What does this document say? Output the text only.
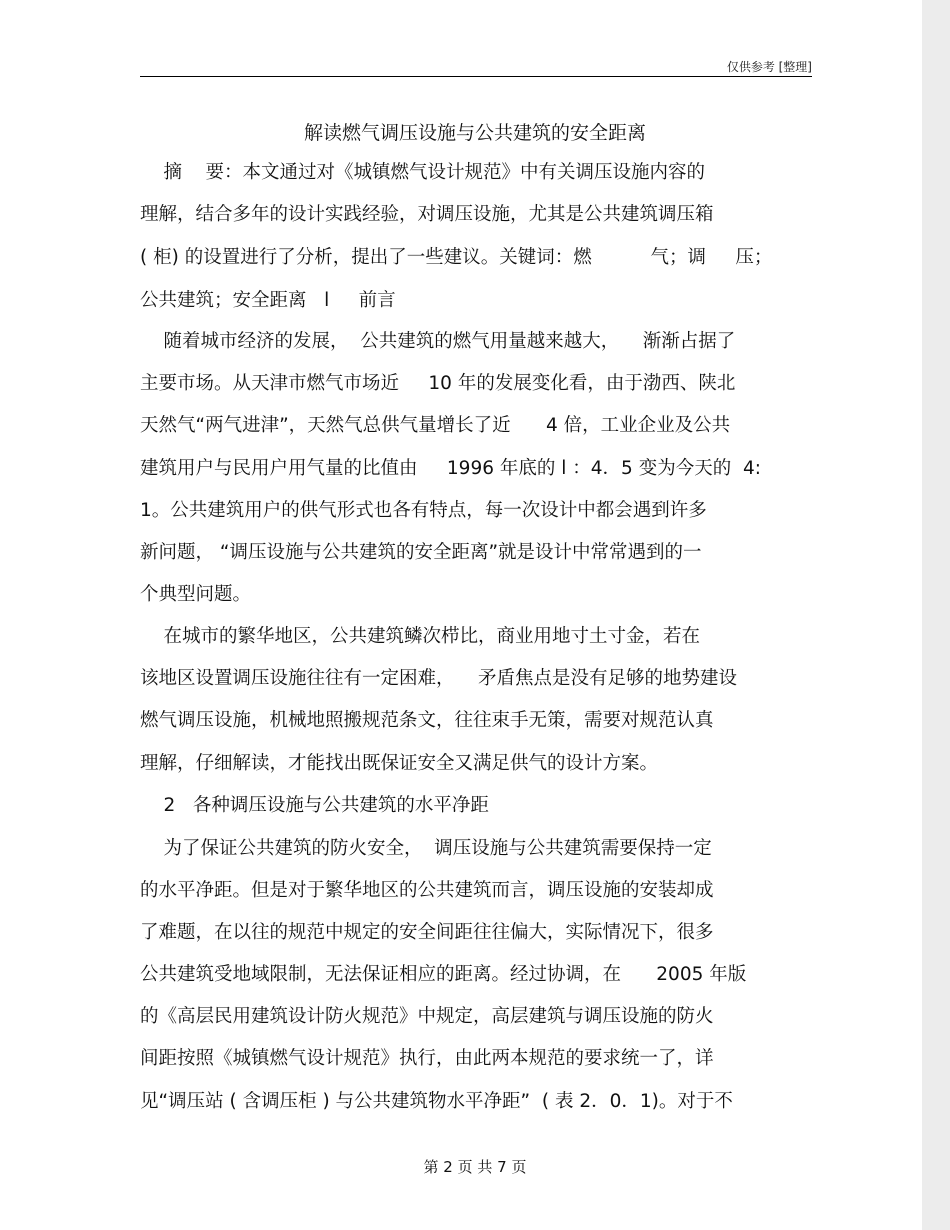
仅供参考 [整理]
解读燃气调压设施与公共建筑的安全距离
摘    要：本文通过对《城镇燃气设计规范》中有关调压设施内容的
理解，结合多年的设计实践经验，对调压设施，尤其是公共建筑调压箱
( 柜) 的设置进行了分析，提出了一些建议。关键词：燃          气；调     压；
公共建筑；安全距离   l     前言
随着城市经济的发展，  公共建筑的燃气用量越来越大，    渐渐占据了
主要市场。从天津市燃气市场近     10 年的发展变化看，由于渤西、陕北
天然气“两气进津”，天然气总供气量增长了近      4 倍，工业企业及公共
建筑用户与民用户用气量的比值由     1996 年底的 l ：4．5 变为今天的  4:
1。公共建筑用户的供气形式也各有特点，每一次设计中都会遇到许多
新问题， “调压设施与公共建筑的安全距离”就是设计中常常遇到的一
个典型问题。
在城市的繁华地区，公共建筑鳞次栉比，商业用地寸土寸金，若在
该地区设置调压设施往往有一定困难，    矛盾焦点是没有足够的地势建设
燃气调压设施，机械地照搬规范条文，往往束手无策，需要对规范认真
理解，仔细解读，才能找出既保证安全又满足供气的设计方案。
2   各种调压设施与公共建筑的水平净距
为了保证公共建筑的防火安全，  调压设施与公共建筑需要保持一定
的水平净距。但是对于繁华地区的公共建筑而言，调压设施的安装却成
了难题，在以往的规范中规定的安全间距往往偏大，实际情况下，很多
公共建筑受地域限制，无法保证相应的距离。经过协调，在      2005 年版
的《高层民用建筑设计防火规范》中规定，高层建筑与调压设施的防火
间距按照《城镇燃气设计规范》执行，由此两本规范的要求统一了，详
见“调压站 ( 含调压柜 ) 与公共建筑物水平净距”  ( 表 2．0．1)。对于不
第 2 页 共 7 页
